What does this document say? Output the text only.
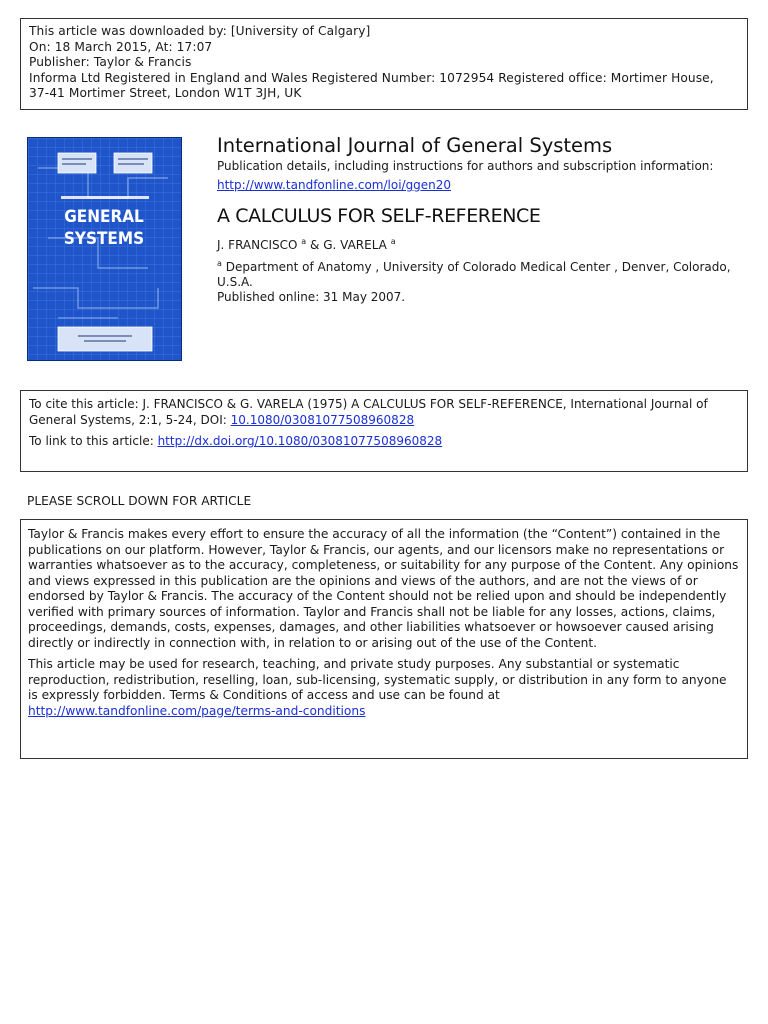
This article was downloaded by: [University of Calgary]
On: 18 March 2015, At: 17:07
Publisher: Taylor & Francis
Informa Ltd Registered in England and Wales Registered Number: 1072954 Registered office: Mortimer House,
37-41 Mortimer Street, London W1T 3JH, UK
GENERAL
SYSTEMS
International Journal of General Systems
Publication details, including instructions for authors and subscription information:
http://www.tandfonline.com/loi/ggen20
A CALCULUS FOR SELF-REFERENCE
J. FRANCISCO $^a$ & G. VARELA $^a$
$^a$ Department of Anatomy , University of Colorado Medical Center , Denver, Colorado, U.S.A.
Published online: 31 May 2007.
To cite this article: J. FRANCISCO & G. VARELA (1975) A CALCULUS FOR SELF-REFERENCE, International Journal of General Systems, 2:1, 5-24, DOI: 10.1080/03081077508960828
To link to this article: http://dx.doi.org/10.1080/03081077508960828
PLEASE SCROLL DOWN FOR ARTICLE

Taylor & Francis makes every effort to ensure the accuracy of all the information (the “Content”) contained in the publications on our platform. However, Taylor & Francis, our agents, and our licensors make no representations or warranties whatsoever as to the accuracy, completeness, or suitability for any purpose of the Content. Any opinions and views expressed in this publication are the opinions and views of the authors, and are not the views of or endorsed by Taylor & Francis. The accuracy of the Content should not be relied upon and should be independently verified with primary sources of information. Taylor and Francis shall not be liable for any losses, actions, claims, proceedings, demands, costs, expenses, damages, and other liabilities whatsoever or howsoever caused arising directly or indirectly in connection with, in relation to or arising out of the use of the Content.

This article may be used for research, teaching, and private study purposes. Any substantial or systematic reproduction, redistribution, reselling, loan, sub-licensing, systematic supply, or distribution in any form to anyone is expressly forbidden. Terms & Conditions of access and use can be found at http://www.tandfonline.com/page/terms-and-conditions
